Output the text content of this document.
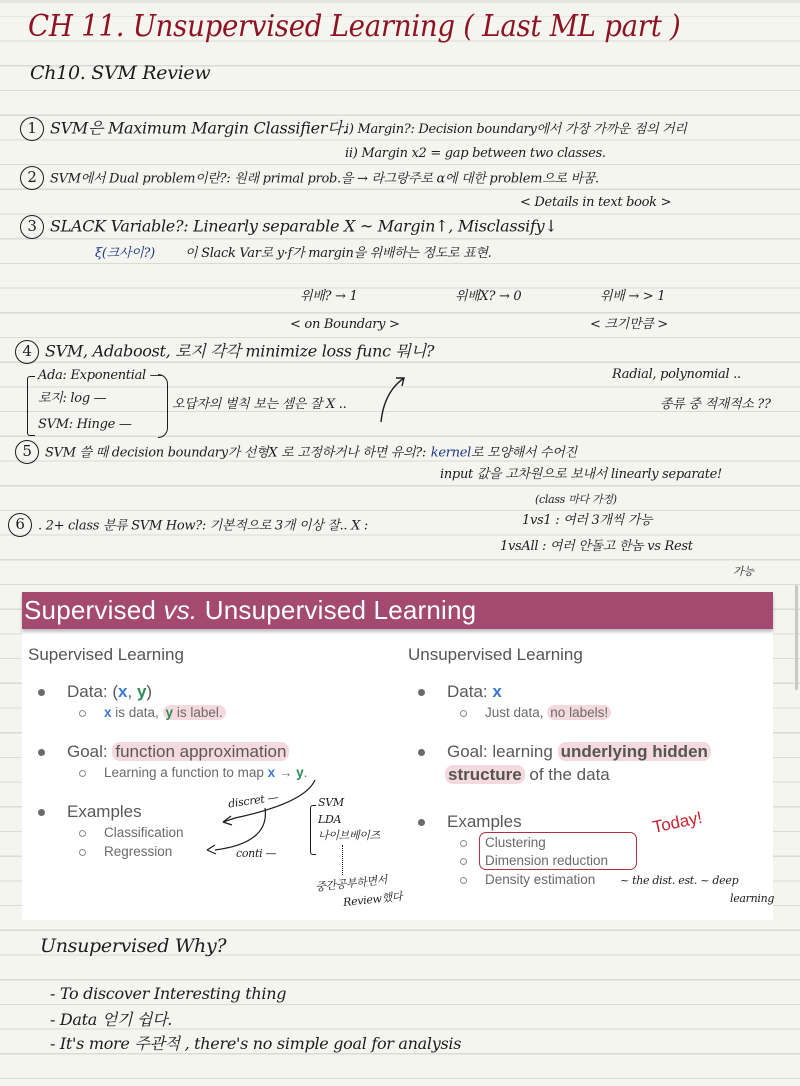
CH 11. Unsupervised Learning ( Last ML part )
Ch10. SVM Review
1 SVM은 Maximum Margin Classifier다.
i) Margin?: Decision boundary에서 가장 가까운 점의 거리
ii) Margin x2 = gap between two classes.
2 SVM에서 Dual problem이란?: 원래 primal prob.을 → 라그랑주로 α에 대한 problem으로 바꿈.
< Details in text book >
3 SLACK Variable?: Linearly separable X ~ Margin↑, Misclassify↓
ξ(크사이?) 이 Slack Var로 y·f가 margin을 위배하는 정도로 표현.
위배? → 1
< on Boundary >
위배X? → 0	위배 → > 1
< 크기만큼 >
4 SVM, Adaboost, 로지 각각 minimize loss func 뭐니?
Ada: Exponential —
로지: log —
SVM: Hinge —
오답자의 벌칙 보는 셈은 잘 X ..
Radial, polynomial ..
종류 중 적재적소 ??
5 SVM 쓸 때 decision boundary가 선형X 로 고정하거나 하면 유의?: kernel로 모양해서 수어진
input 값을 고차원으로 보내서 linearly separate!
(class 마다 가정)
6 . 2+ class 분류 SVM How?: 기본적으로 3개 이상 잘.. X :	1vs1 : 여러 3개씩 가능
1vsAll : 여러 안돌고 한놈 vs Rest
가능
Supervised vs. Unsupervised Learning
Supervised Learning
Data: (x, y)
x is data, y is label.
Goal: function approximation
Learning a function to map x → y.
Examples
Classification
Regression
discret —
conti —
SVM
LDA
나이브베이즈
중간공부하면서
Review했다
Unsupervised Learning
Data: x
Just data, no labels!
Goal: learning underlying hidden
structure of the data
Examples
Clustering
Dimension reduction
Density estimation
Today!
~ the dist. est. ~ deep
learning
Unsupervised Why?
- To discover Interesting thing
- Data 얻기 쉽다.
- It's more 주관적 , there's no simple goal for analysis
